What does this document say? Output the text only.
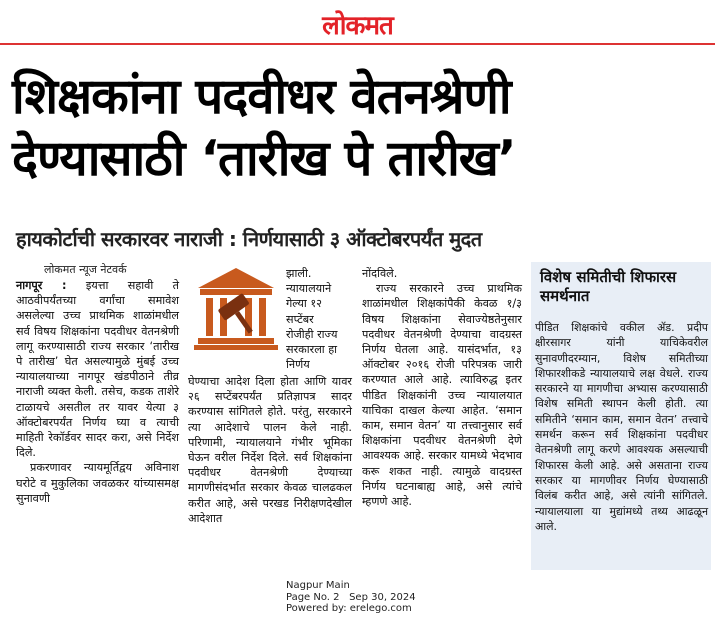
लोकमत
शिक्षकांना पदवीधर वेतनश्रेणी
देण्यासाठी ‘तारीख पे तारीख’
हायकोर्टाची सरकारवर नाराजी : निर्णयासाठी ३ ऑक्टोबरपर्यंत मुदत
लोकमत न्यूज नेटवर्क

नागपूर : इयत्ता सहावी ते आठवीपर्यंतच्या वर्गांचा समावेश असलेल्या उच्च प्राथमिक शाळांमधील सर्व विषय शिक्षकांना पदवीधर वेतनश्रेणी लागू करण्यासाठी राज्य सरकार ‘तारीख पे तारीख’ घेत असल्यामुळे मुंबई उच्च न्यायालयाच्या नागपूर खंडपीठाने तीव्र नाराजी व्यक्त केली. तसेच, कडक ताशेरे टाळायचे असतील तर यावर येत्या ३ ऑक्टोबरपर्यंत निर्णय घ्या व त्याची माहिती रेकॉर्डवर सादर करा, असे निर्देश दिले.

प्रकरणावर न्यायमूर्तिद्वय अविनाश घरोटे व मुकुलिका जवळकर यांच्यासमक्ष सुनावणी

झाली.
न्यायालयाने
गेल्या १२
सप्टेंबर
रोजीही राज्य
सरकारला हा
निर्णय

घेण्याचा आदेश दिला होता आणि यावर २६ सप्टेंबरपर्यंत प्रतिज्ञापत्र सादर करण्यास सांगितले होते. परंतु, सरकारने त्या आदेशाचे पालन केले नाही. परिणामी, न्यायालयाने गंभीर भूमिका घेऊन वरील निर्देश दिले. सर्व शिक्षकांना पदवीधर वेतनश्रेणी देण्याच्या मागणीसंदर्भात सरकार केवळ चालढकल करीत आहे, असे परखड निरीक्षणदेखील आदेशात

नोंदविले.

राज्य सरकारने उच्च प्राथमिक शाळांमधील शिक्षकांपैकी केवळ १/३ विषय शिक्षकांना सेवाज्येष्ठतेनुसार पदवीधर वेतनश्रेणी देण्याचा वादग्रस्त निर्णय घेतला आहे. यासंदर्भात, १३ ऑक्टोबर २०१६ रोजी परिपत्रक जारी करण्यात आले आहे. त्याविरुद्ध इतर पीडित शिक्षकांनी उच्च न्यायालयात याचिका दाखल केल्या आहेत. ‘समान काम, समान वेतन’ या तत्त्वानुसार सर्व शिक्षकांना पदवीधर वेतनश्रेणी देणे आवश्यक आहे. सरकार यामध्ये भेदभाव करू शकत नाही. त्यामुळे वादग्रस्त निर्णय घटनाबाह्य आहे, असे त्यांचे म्हणणे आहे.

विशेष समितीची शिफारस समर्थनात
पीडित शिक्षकांचे वकील ॲड. प्रदीप क्षीरसागर यांनी याचिकेवरील सुनावणीदरम्यान, विशेष समितीच्या शिफारशीकडे न्यायालयाचे लक्ष वेधले. राज्य सरकारने या मागणीचा अभ्यास करण्यासाठी विशेष समिती स्थापन केली होती. त्या समितीने ‘समान काम, समान वेतन’ तत्त्वाचे समर्थन करून सर्व शिक्षकांना पदवीधर वेतनश्रेणी लागू करणे आवश्यक असल्याची शिफारस केली आहे. असे असताना राज्य सरकार या मागणीवर निर्णय घेण्यासाठी विलंब करीत आहे, असे त्यांनी सांगितले. न्यायालयाला या मुद्यांमध्ये तथ्य आढळून आले.
Nagpur Main
Page No. 2 Sep 30, 2024
Powered by: erelego.com
